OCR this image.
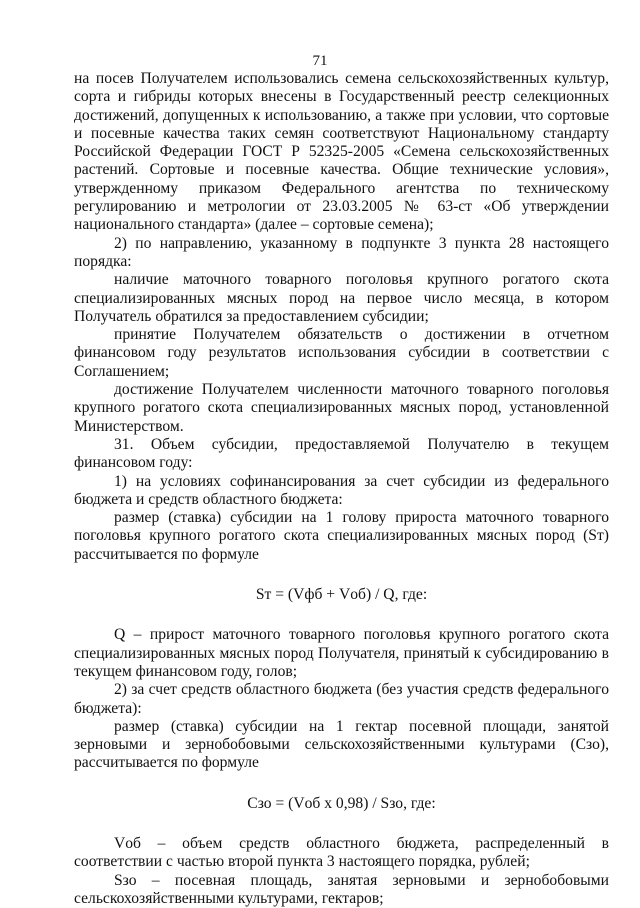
71

на посев Получателем использовались семена сельскохозяйственных культур, сорта и гибриды которых внесены в Государственный реестр селекционных достижений, допущенных к использованию, а также при условии, что сортовые и посевные качества таких семян соответствуют Национальному стандарту Российской Федерации ГОСТ Р 52325-2005 «Семена сельскохозяйственных растений. Сортовые и посевные качества. Общие технические условия», утвержденному приказом Федерального агентства по техническому регулированию и метрологии от 23.03.2005 № 63-ст «Об утверждении национального стандарта» (далее – сортовые семена);

2) по направлению, указанному в подпункте 3 пункта 28 настоящего порядка:

наличие маточного товарного поголовья крупного рогатого скота специализированных мясных пород на первое число месяца, в котором Получатель обратился за предоставлением субсидии;

принятие Получателем обязательств о достижении в отчетном финансовом году результатов использования субсидии в соответствии с Соглашением;

достижение Получателем численности маточного товарного поголовья крупного рогатого скота специализированных мясных пород, установленной Министерством.

31. Объем субсидии, предоставляемой Получателю в текущем финансовом году:

1) на условиях софинансирования за счет субсидии из федерального бюджета и средств областного бюджета:

размер (ставка) субсидии на 1 голову прироста маточного товарного поголовья крупного рогатого скота специализированных мясных пород (Sт) рассчитывается по формуле

Sт = (Vфб + Vоб) / Q, где:

Q – прирост маточного товарного поголовья крупного рогатого скота специализированных мясных пород Получателя, принятый к субсидированию в текущем финансовом году, голов;

2) за счет средств областного бюджета (без участия средств федерального бюджета):

размер (ставка) субсидии на 1 гектар посевной площади, занятой зерновыми и зернобобовыми сельскохозяйственными культурами (Сзо), рассчитывается по формуле

Сзо = (Vоб х 0,98) / Sзо, где:

Vоб – объем средств областного бюджета, распределенный в соответствии с частью второй пункта 3 настоящего порядка, рублей;

Sзо – посевная площадь, занятая зерновыми и зернобобовыми сельскохозяйственными культурами, гектаров;
